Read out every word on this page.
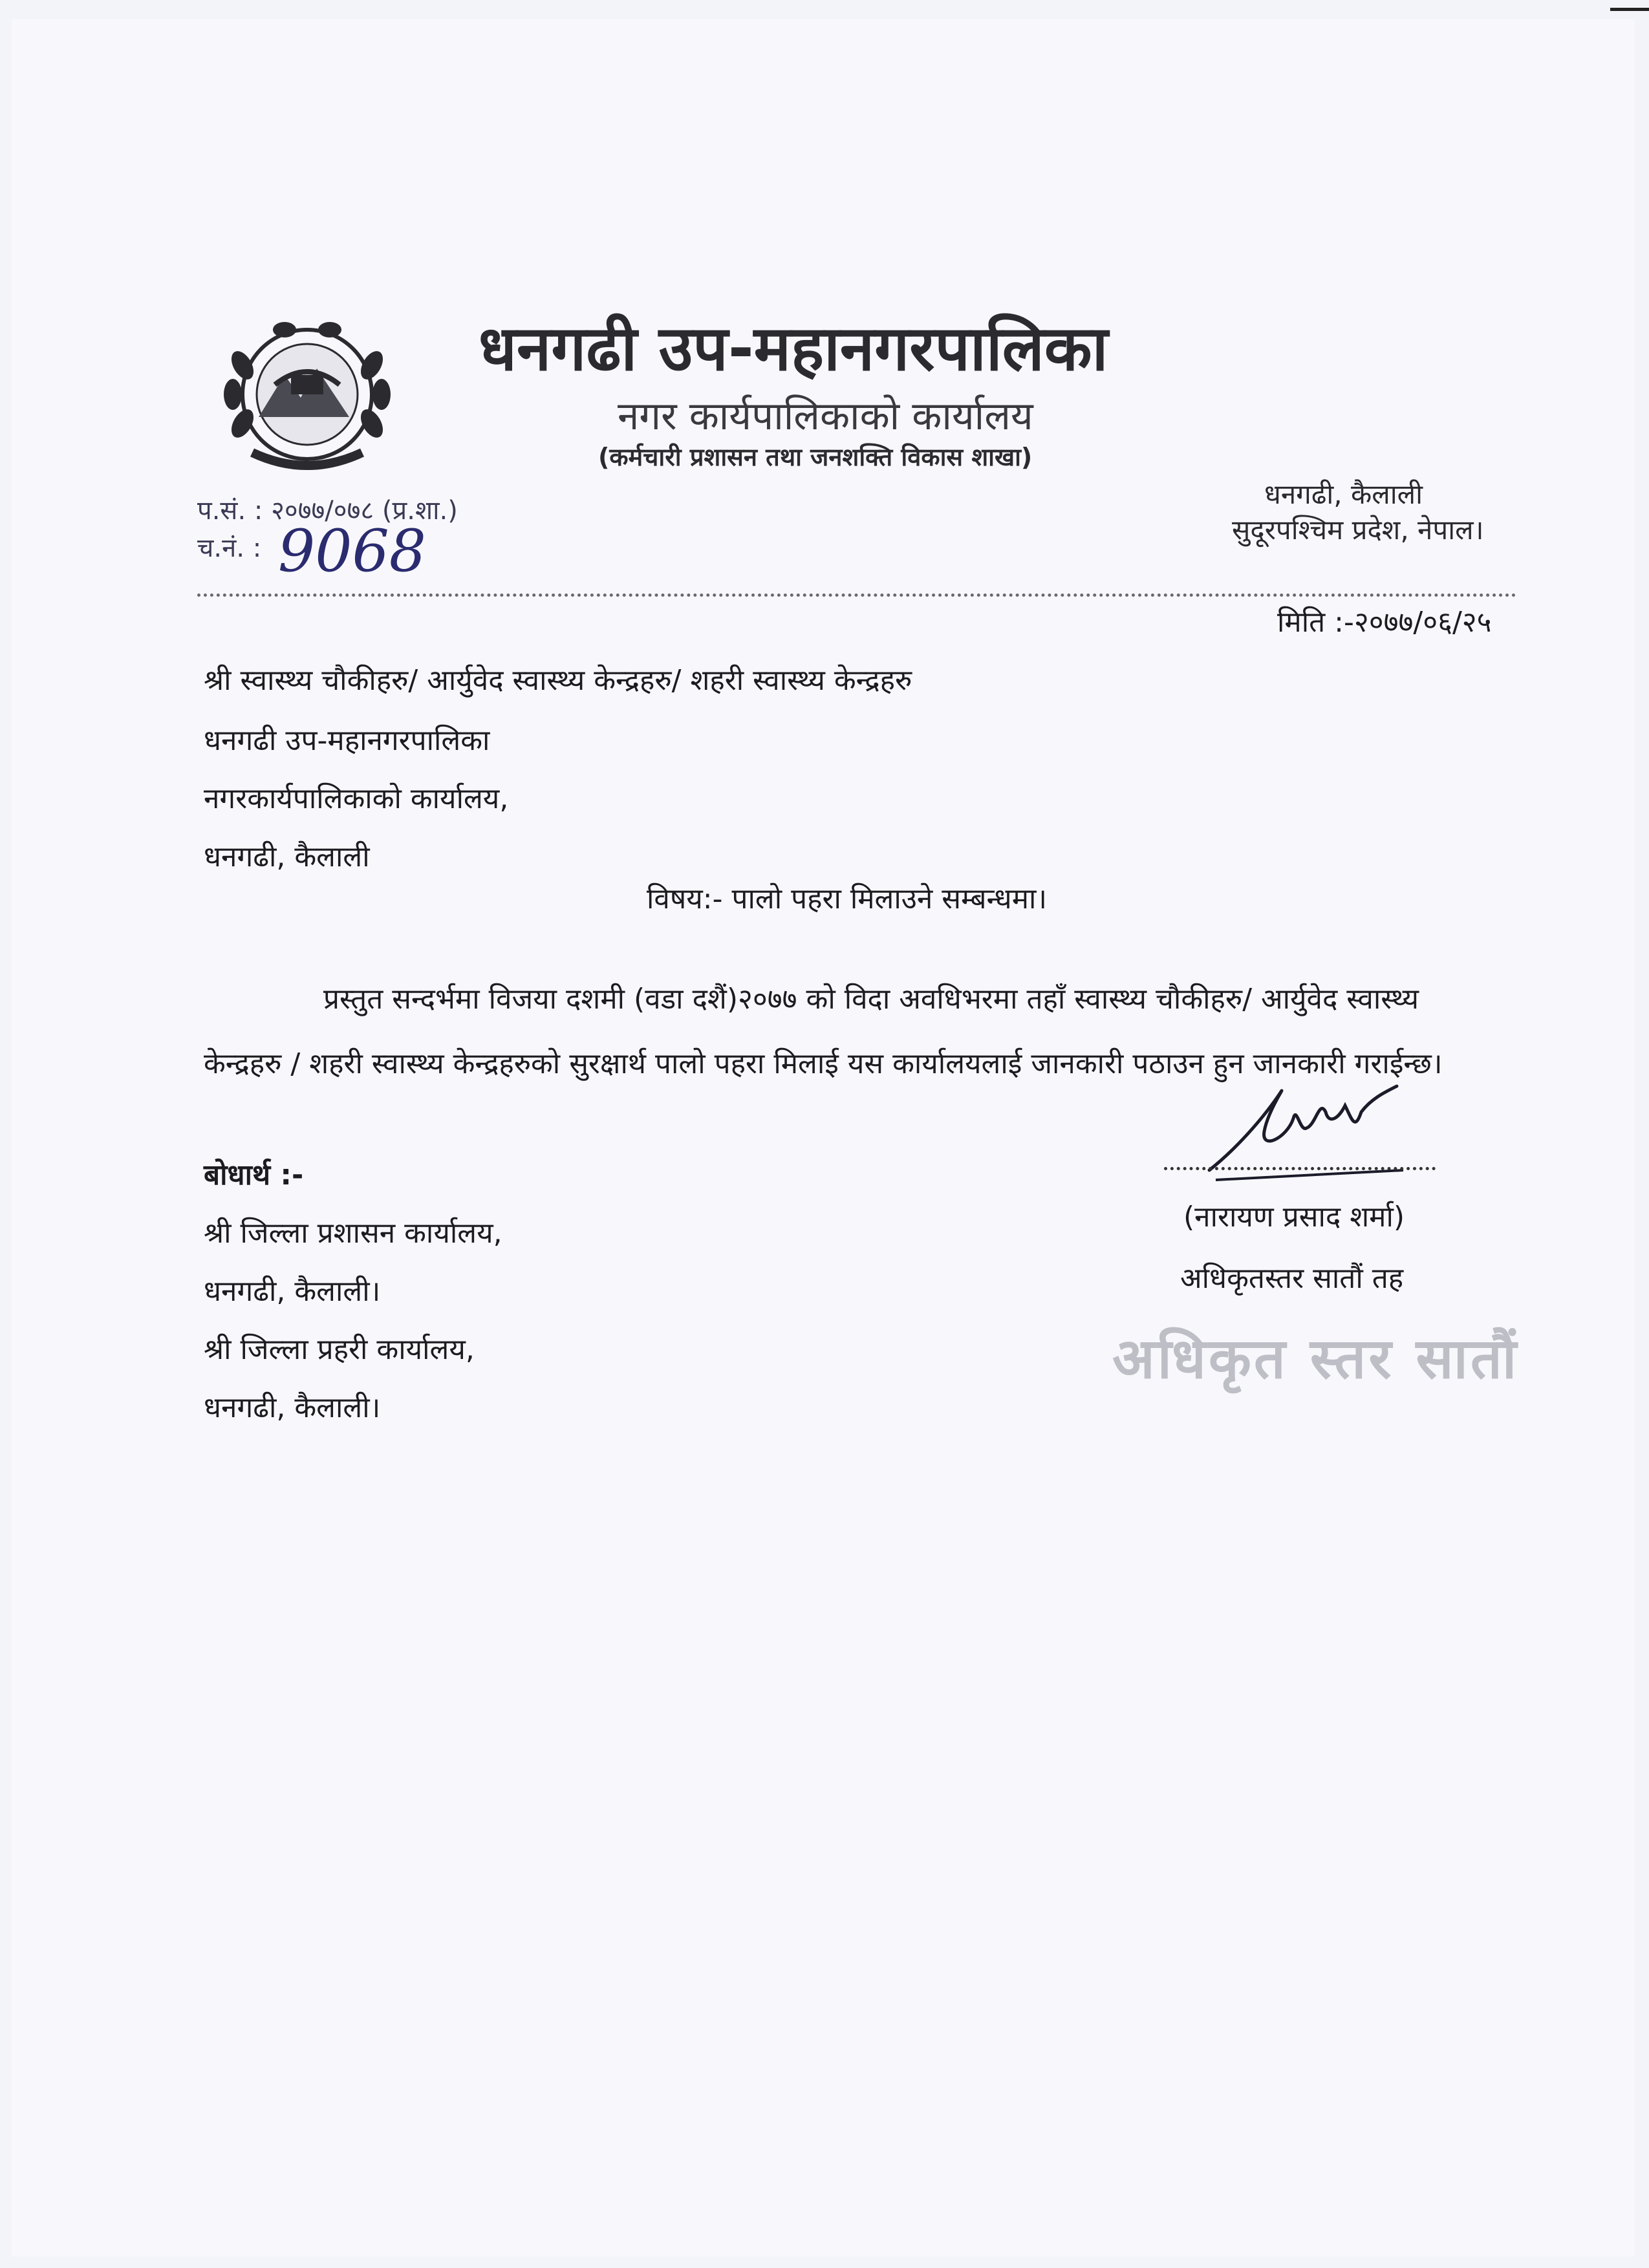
धनगढी उप-महानगरपालिका
नगर कार्यपालिकाको कार्यालय
(कर्मचारी प्रशासन तथा जनशक्ति विकास शाखा)
धनगढी, कैलाली
सुदूरपश्चिम प्रदेश, नेपाल।
प.सं. : २०७७/०७८ (प्र.शा.)
च.नं. : 9068
मिति :-२०७७/०६/२५
श्री स्वास्थ्य चौकीहरु/ आर्युवेद स्वास्थ्य केन्द्रहरु/ शहरी स्वास्थ्य केन्द्रहरु
धनगढी उप-महानगरपालिका
नगरकार्यपालिकाको कार्यालय,
धनगढी, कैलाली
विषय:- पालो पहरा मिलाउने सम्बन्धमा।
प्रस्तुत सन्दर्भमा विजया दशमी (वडा दशैं)२०७७ को विदा अवधिभरमा तहाँ स्वास्थ्य चौकीहरु/ आर्युवेद स्वास्थ्य
केन्द्रहरु / शहरी स्वास्थ्य केन्द्रहरुको सुरक्षार्थ पालो पहरा मिलाई यस कार्यालयलाई जानकारी पठाउन हुन जानकारी गराईन्छ।
(नारायण प्रसाद शर्मा)
अधिकृतस्तर सातौं तह
अधिकृत स्तर सातौं
बोधार्थ :-
श्री जिल्ला प्रशासन कार्यालय,
धनगढी, कैलाली।
श्री जिल्ला प्रहरी कार्यालय,
धनगढी, कैलाली।
